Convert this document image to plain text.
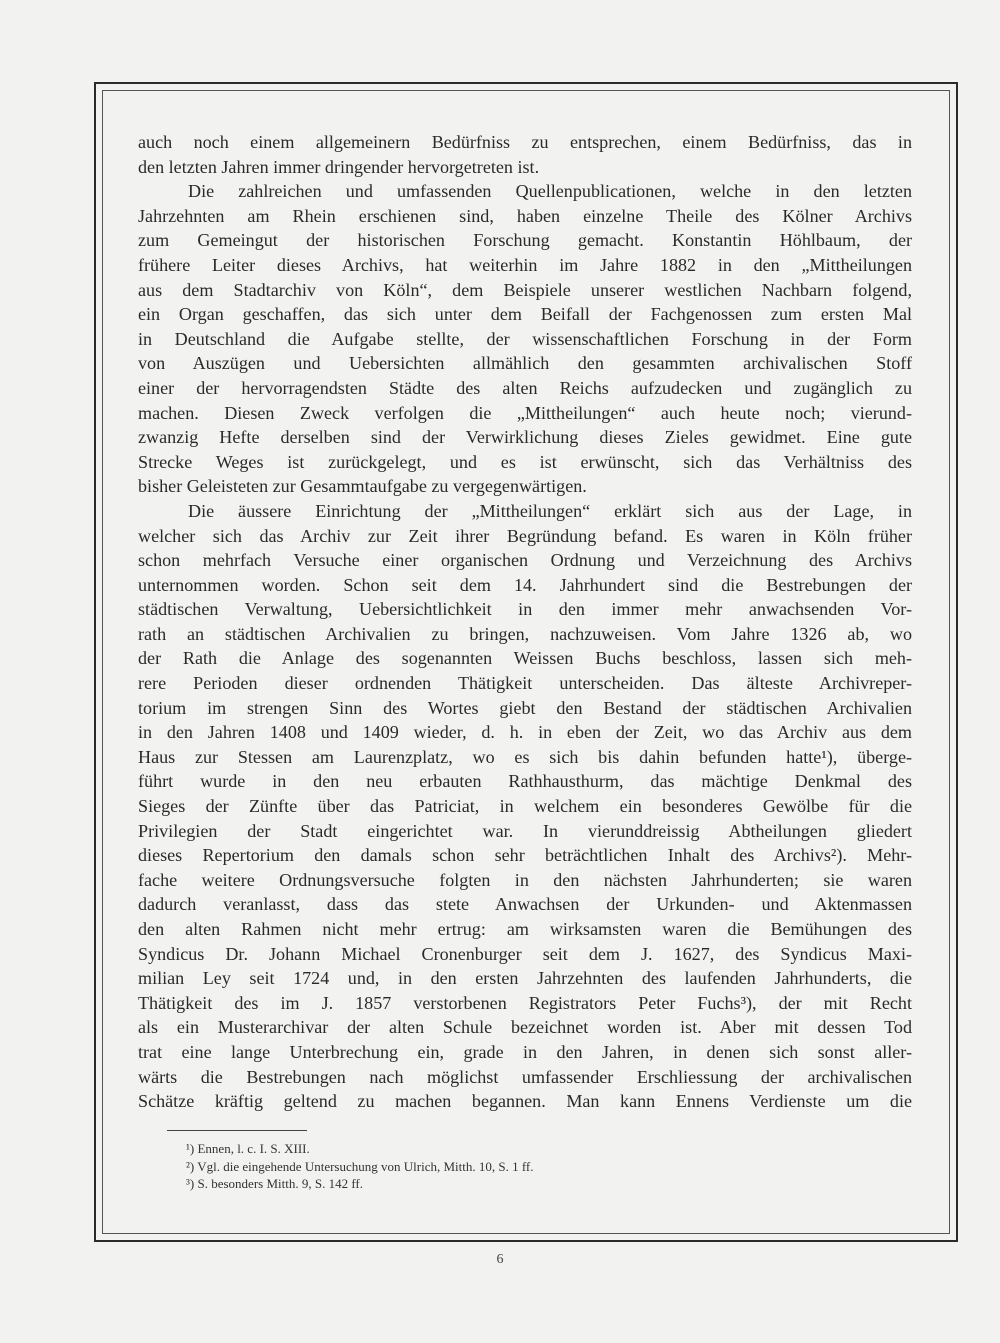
auch noch einem allgemeinern Bedürfniss zu entsprechen, einem Bedürfniss, das in
den letzten Jahren immer dringender hervorgetreten ist.
Die zahlreichen und umfassenden Quellenpublicationen, welche in den letzten
Jahrzehnten am Rhein erschienen sind, haben einzelne Theile des Kölner Archivs
zum Gemeingut der historischen Forschung gemacht. Konstantin Höhlbaum, der
frühere Leiter dieses Archivs, hat weiterhin im Jahre 1882 in den „Mittheilungen
aus dem Stadtarchiv von Köln“, dem Beispiele unserer westlichen Nachbarn folgend,
ein Organ geschaffen, das sich unter dem Beifall der Fachgenossen zum ersten Mal
in Deutschland die Aufgabe stellte, der wissenschaftlichen Forschung in der Form
von Auszügen und Uebersichten allmählich den gesammten archivalischen Stoff
einer der hervorragendsten Städte des alten Reichs aufzudecken und zugänglich zu
machen. Diesen Zweck verfolgen die „Mittheilungen“ auch heute noch; vierund-
zwanzig Hefte derselben sind der Verwirklichung dieses Zieles gewidmet. Eine gute
Strecke Weges ist zurückgelegt, und es ist erwünscht, sich das Verhältniss des
bisher Geleisteten zur Gesammtaufgabe zu vergegenwärtigen.
Die äussere Einrichtung der „Mittheilungen“ erklärt sich aus der Lage, in
welcher sich das Archiv zur Zeit ihrer Begründung befand. Es waren in Köln früher
schon mehrfach Versuche einer organischen Ordnung und Verzeichnung des Archivs
unternommen worden. Schon seit dem 14. Jahrhundert sind die Bestrebungen der
städtischen Verwaltung, Uebersichtlichkeit in den immer mehr anwachsenden Vor-
rath an städtischen Archivalien zu bringen, nachzuweisen. Vom Jahre 1326 ab, wo
der Rath die Anlage des sogenannten Weissen Buchs beschloss, lassen sich meh-
rere Perioden dieser ordnenden Thätigkeit unterscheiden. Das älteste Archivreper-
torium im strengen Sinn des Wortes giebt den Bestand der städtischen Archivalien
in den Jahren 1408 und 1409 wieder, d. h. in eben der Zeit, wo das Archiv aus dem
Haus zur Stessen am Laurenzplatz, wo es sich bis dahin befunden hatte¹), überge-
führt wurde in den neu erbauten Rathhausthurm, das mächtige Denkmal des
Sieges der Zünfte über das Patriciat, in welchem ein besonderes Gewölbe für die
Privilegien der Stadt eingerichtet war. In vierunddreissig Abtheilungen gliedert
dieses Repertorium den damals schon sehr beträchtlichen Inhalt des Archivs²). Mehr-
fache weitere Ordnungsversuche folgten in den nächsten Jahrhunderten; sie waren
dadurch veranlasst, dass das stete Anwachsen der Urkunden- und Aktenmassen
den alten Rahmen nicht mehr ertrug: am wirksamsten waren die Bemühungen des
Syndicus Dr. Johann Michael Cronenburger seit dem J. 1627, des Syndicus Maxi-
milian Ley seit 1724 und, in den ersten Jahrzehnten des laufenden Jahrhunderts, die
Thätigkeit des im J. 1857 verstorbenen Registrators Peter Fuchs³), der mit Recht
als ein Musterarchivar der alten Schule bezeichnet worden ist. Aber mit dessen Tod
trat eine lange Unterbrechung ein, grade in den Jahren, in denen sich sonst aller-
wärts die Bestrebungen nach möglichst umfassender Erschliessung der archivalischen
Schätze kräftig geltend zu machen begannen. Man kann Ennens Verdienste um die
¹) Ennen, l. c. I. S. XIII.
²) Vgl. die eingehende Untersuchung von Ulrich, Mitth. 10, S. 1 ff.
³) S. besonders Mitth. 9, S. 142 ff.
6
